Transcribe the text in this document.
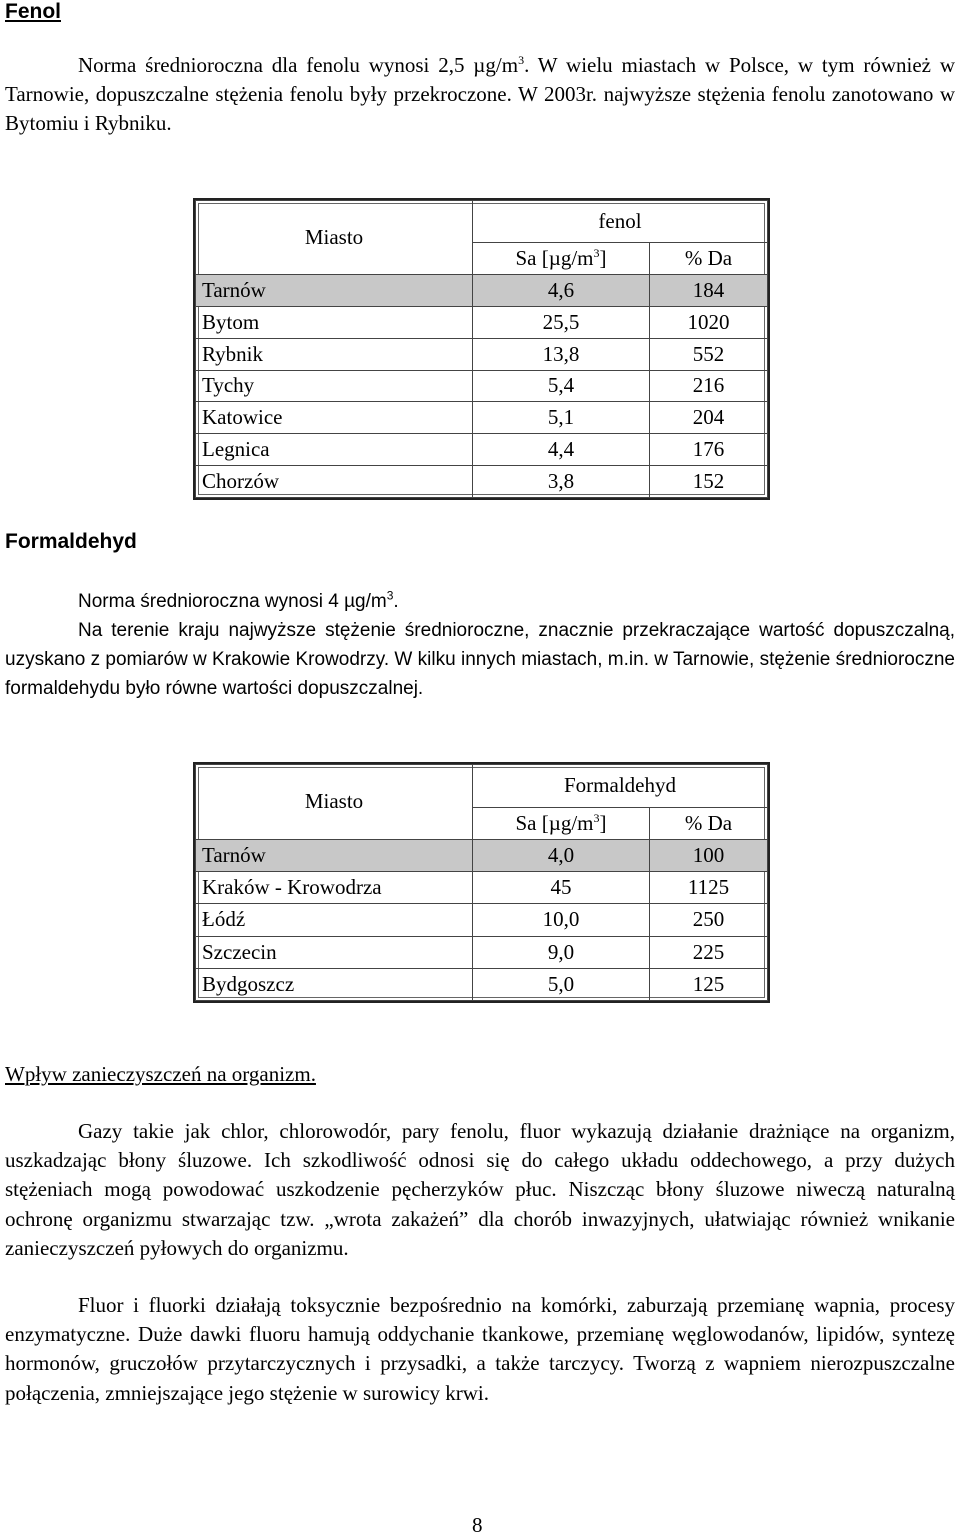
Fenol

Norma średnioroczna dla fenolu wynosi 2,5 $\mu g/m^3$. W wielu miastach w Polsce, w tym również w Tarnowie, dopuszczalne stężenia fenolu były przekroczone. W 2003r. najwyższe stężenia fenolu zanotowano w Bytomiu i Rybniku.

Miasto	fenol	
	Sa $[\mu g/m^3]$	% Da
Tarnów	4,6	184
Bytom	25,5	1020
Rybnik	13,8	552
Tychy	5,4	216
Katowice	5,1	204
Legnica	4,4	176
Chorzów	3,8	152
Formaldehyd

Norma średnioroczna wynosi 4 $\mu g/m^3$.

Na terenie kraju najwyższe stężenie średnioroczne, znacznie przekraczające wartość dopuszczalną, uzyskano z pomiarów w Krakowie Krowodrzy. W kilku innych miastach, m.in. w Tarnowie, stężenie średnioroczne formaldehydu było równe wartości dopuszczalnej.

Miasto	Formaldehyd	
	Sa $[\mu g/m^3]$	% Da
Tarnów	4,0	100
Kraków - Krowodrza	45	1125
Łódź	10,0	250
Szczecin	9,0	225
Bydgoszcz	5,0	125

Wpływ zanieczyszczeń na organizm.

Gazy takie jak chlor, chlorowodór, pary fenolu, fluor wykazują działanie drażniące na organizm, uszkadzając błony śluzowe. Ich szkodliwość odnosi się do całego układu oddechowego, a przy dużych stężeniach mogą powodować uszkodzenie pęcherzyków płuc. Niszcząc błony śluzowe niweczą naturalną ochronę organizmu stwarzając tzw. „wrota zakażeń” dla chorób inwazyjnych, ułatwiając również wnikanie zanieczyszczeń pyłowych do organizmu.

Fluor i fluorki działają toksycznie bezpośrednio na komórki, zaburzają przemianę wapnia, procesy enzymatyczne. Duże dawki fluoru hamują oddychanie tkankowe, przemianę węglowodanów, lipidów, syntezę hormonów, gruczołów przytarczycznych i przysadki, a także tarczycy. Tworzą z wapniem nierozpuszczalne połączenia, zmniejszające jego stężenie w surowicy krwi.

8
